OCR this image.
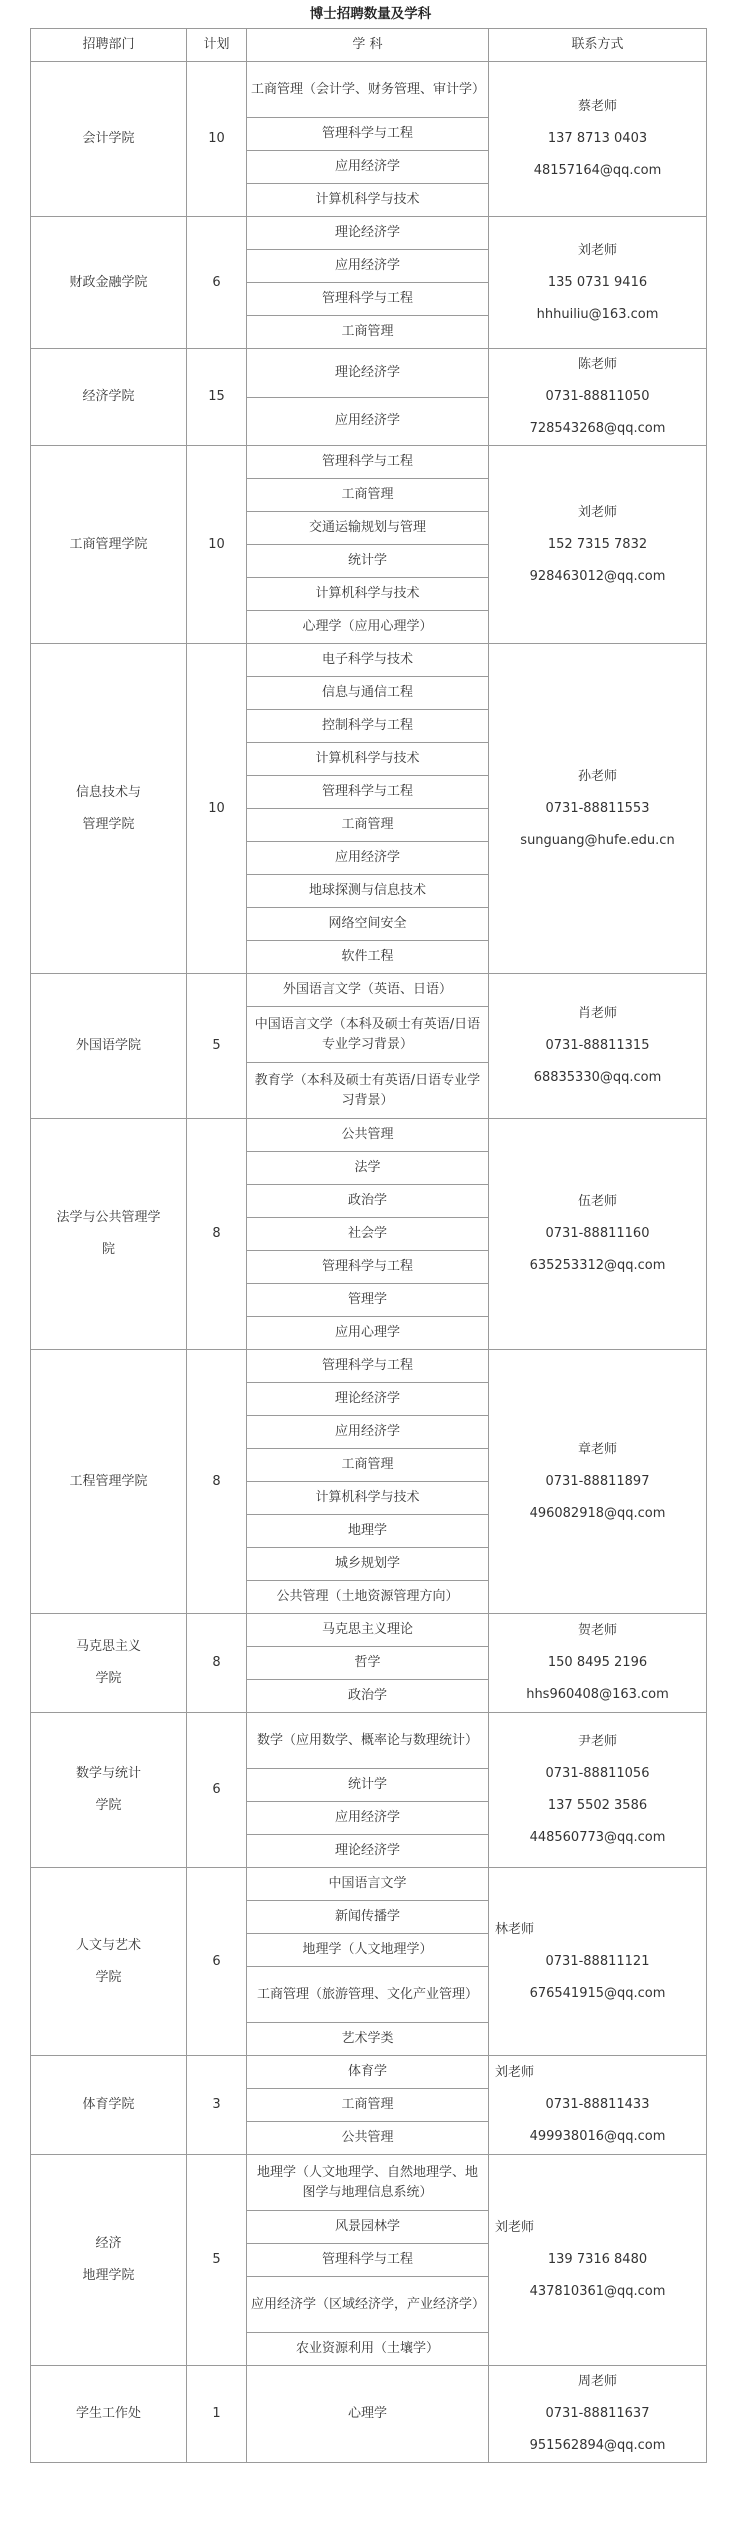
博士招聘数量及学科
招聘部门	计划	学 科	联系方式

会计学院	10	工商管理（会计学、财务管理、审计学）	蔡老师
137 8713 0403
48157164@qq.com

		管理科学与工程	
		应用经济学	
		计算机科学与技术	

财政金融学院	6	理论经济学	刘老师
135 0731 9416
hhhuiliu@163.com

		应用经济学	
		管理科学与工程	
		工商管理	

经济学院	15	理论经济学	陈老师
0731-88811050
728543268@qq.com

		应用经济学	

工商管理学院	10	管理科学与工程	刘老师
152 7315 7832
928463012@qq.com

		工商管理	
		交通运输规划与管理	
		统计学	
		计算机科学与技术	
		心理学（应用心理学）	

信息技术与
管理学院	10	电子科学与技术	孙老师
0731-88811553
sunguang@hufe.edu.cn

		信息与通信工程	
		控制科学与工程	
		计算机科学与技术	
		管理科学与工程	
		工商管理	
		应用经济学	
		地球探测与信息技术	
		网络空间安全	
		软件工程	

外国语学院	5	外国语言文学（英语、日语）	肖老师
0731-88811315
68835330@qq.com

		中国语言文学（本科及硕士有英语/日语专业学习背景）	
		教育学（本科及硕士有英语/日语专业学习背景）	

法学与公共管理学
院	8	公共管理	伍老师
0731-88811160
635253312@qq.com

		法学	
		政治学	
		社会学	
		管理科学与工程	
		管理学	
		应用心理学	

工程管理学院	8	管理科学与工程	章老师
0731-88811897
496082918@qq.com

		理论经济学	
		应用经济学	
		工商管理	
		计算机科学与技术	
		地理学	
		城乡规划学	
		公共管理（土地资源管理方向）	

马克思主义
学院	8	马克思主义理论	贺老师
150 8495 2196
hhs960408@163.com

		哲学	
		政治学	

数学与统计
学院	6	数学（应用数学、概率论与数理统计）	尹老师
0731-88811056
137 5502 3586
448560773@qq.com

		统计学	
		应用经济学	
		理论经济学	

人文与艺术
学院	6	中国语言文学	林老师
0731-88811121
676541915@qq.com

		新闻传播学	
		地理学（人文地理学）	
		工商管理（旅游管理、文化产业管理）	
		艺术学类	

体育学院	3	体育学	刘老师
0731-88811433
499938016@qq.com

		工商管理	
		公共管理	

经济
地理学院	5	地理学（人文地理学、自然地理学、地图学与地理信息系统）	刘老师
139 7316 8480
437810361@qq.com

		风景园林学	
		管理科学与工程	
		应用经济学（区域经济学，产业经济学）	
		农业资源利用（土壤学）	

学生工作处	1	心理学	周老师
0731-88811637
951562894@qq.com
